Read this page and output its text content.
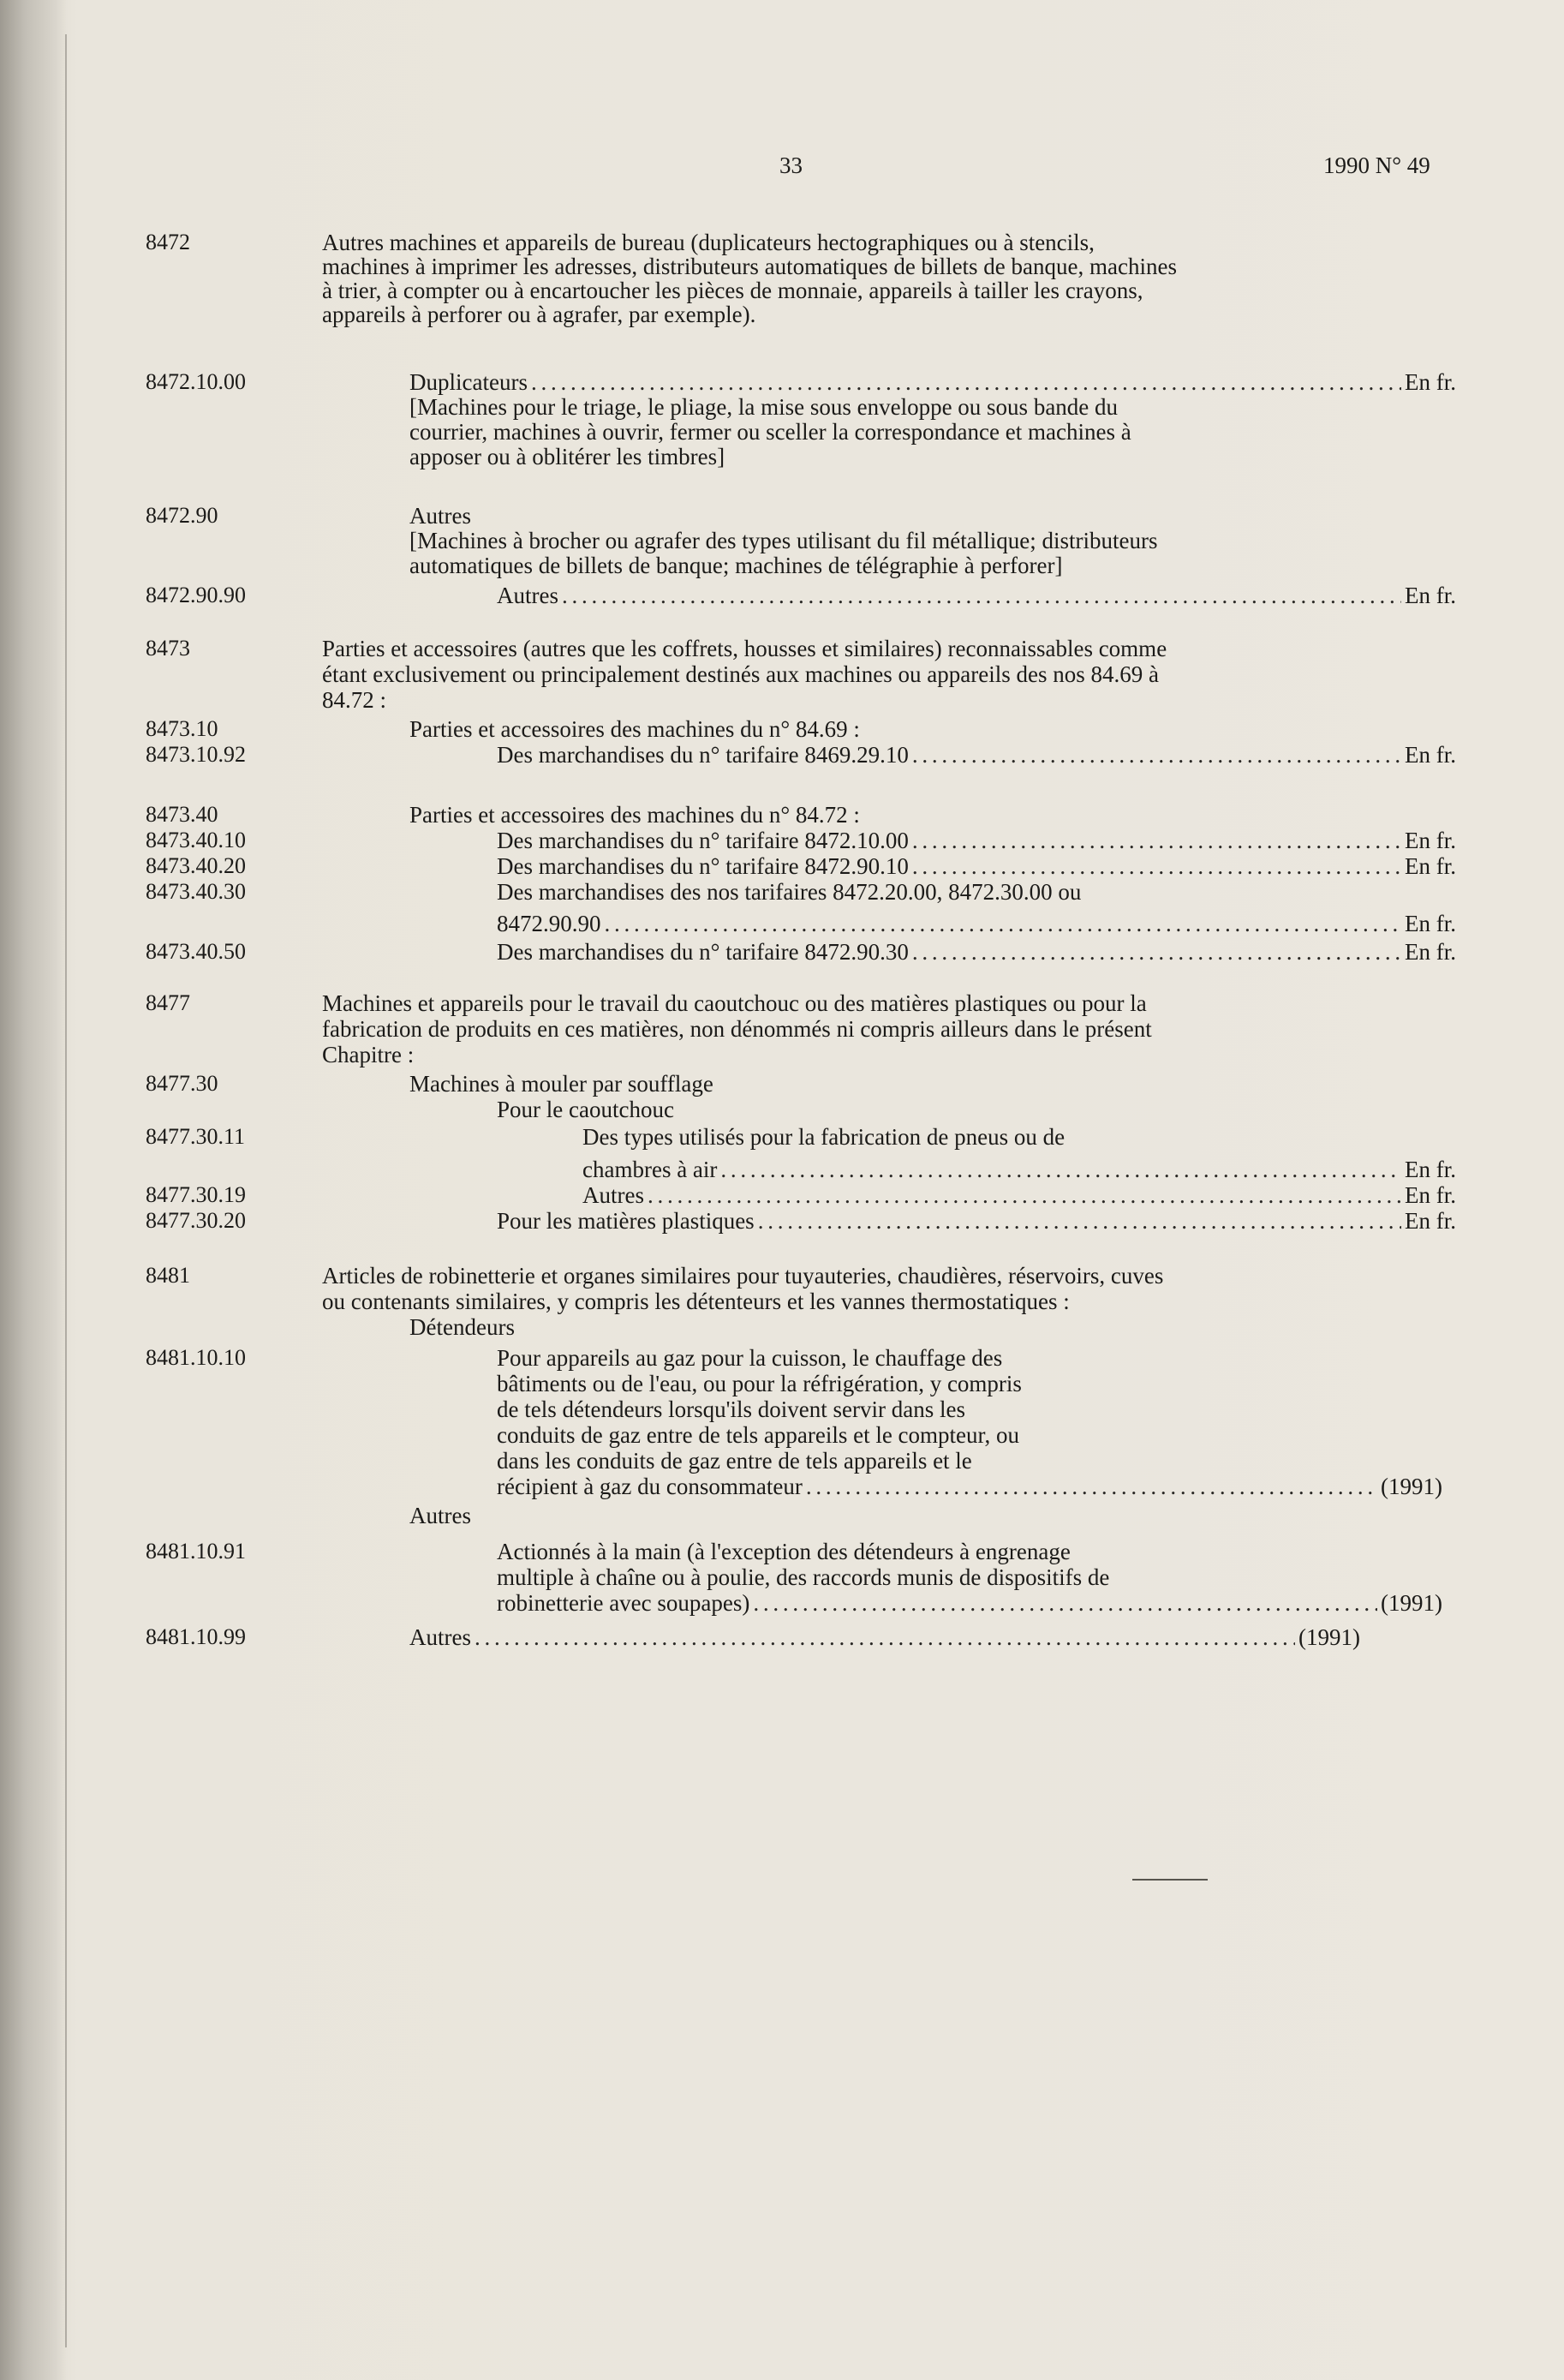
33	1990 N° 49
8472	Autres machines et appareils de bureau (duplicateurs hectographiques ou à stencils,
machines à imprimer les adresses, distributeurs automatiques de billets de banque, machines
à trier, à compter ou à encartoucher les pièces de monnaie, appareils à tailler les crayons,
appareils à perforer ou à agrafer, par exemple).
8472.10.00	Duplicateurs . . .	En fr.
[Machines pour le triage, le pliage, la mise sous enveloppe ou sous bande du
courrier, machines à ouvrir, fermer ou sceller la correspondance et machines à
apposer ou à oblitérer les timbres]
8472.90	Autres
[Machines à brocher ou agrafer des types utilisant du fil métallique; distributeurs
automatiques de billets de banque; machines de télégraphie à perforer]
8472.90.90	Autres . . .	En fr.
8473	Parties et accessoires (autres que les coffrets, housses et similaires) reconnaissables comme
étant exclusivement ou principalement destinés aux machines ou appareils des nos 84.69 à
84.72 :
8473.10	Parties et accessoires des machines du n° 84.69 :
8473.10.92	Des marchandises du n° tarifaire 8469.29.10 . . .	En fr.
8473.40	Parties et accessoires des machines du n° 84.72 :
8473.40.10	Des marchandises du n° tarifaire 8472.10.00 . . .	En fr.
8473.40.20	Des marchandises du n° tarifaire 8472.90.10 . . .	En fr.
8473.40.30	Des marchandises des nos tarifaires 8472.20.00, 8472.30.00 ou
8472.90.90 . . .	En fr.
8473.40.50	Des marchandises du n° tarifaire 8472.90.30 . . .	En fr.
8477	Machines et appareils pour le travail du caoutchouc ou des matières plastiques ou pour la
fabrication de produits en ces matières, non dénommés ni compris ailleurs dans le présent
Chapitre :
8477.30	Machines à mouler par soufflage
Pour le caoutchouc
8477.30.11	Des types utilisés pour la fabrication de pneus ou de
chambres à air . . .	En fr.
8477.30.19	Autres . . .	En fr.
8477.30.20	Pour les matières plastiques . . .	En fr.
8481	Articles de robinetterie et organes similaires pour tuyauteries, chaudières, réservoirs, cuves
ou contenants similaires, y compris les détenteurs et les vannes thermostatiques :
Détendeurs
8481.10.10	Pour appareils au gaz pour la cuisson, le chauffage des
bâtiments ou de l'eau, ou pour la réfrigération, y compris
de tels détendeurs lorsqu'ils doivent servir dans les
conduits de gaz entre de tels appareils et le compteur, ou
dans les conduits de gaz entre de tels appareils et le
récipient à gaz du consommateur . . .	(1991)
Autres
8481.10.91	Actionnés à la main (à l'exception des détendeurs à engrenage
multiple à chaîne ou à poulie, des raccords munis de dispositifs de
robinetterie avec soupapes) . . .	(1991)
8481.10.99	Autres . . .	(1991)
